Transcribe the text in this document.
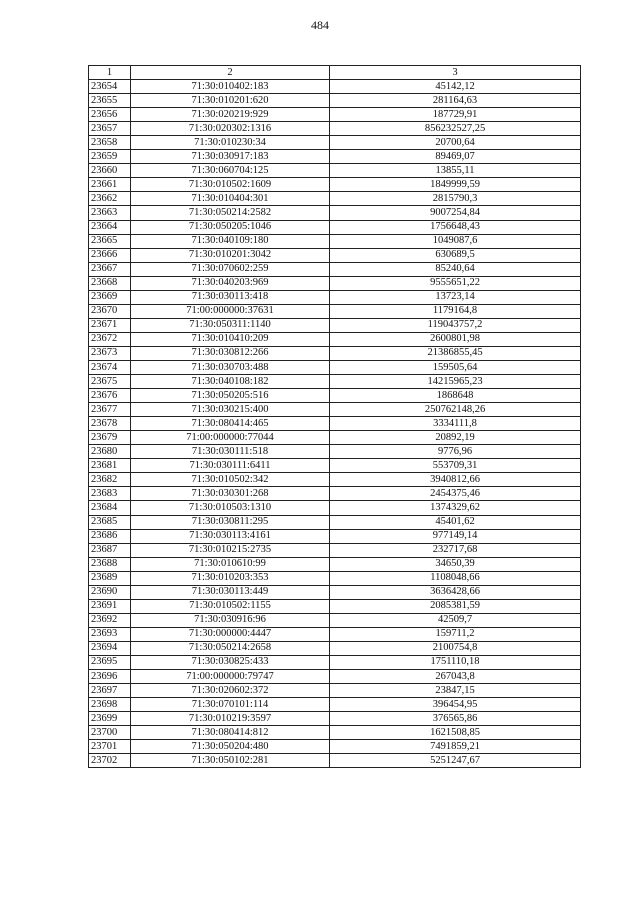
484
1	2	3
23654	71:30:010402:183	45142,12
23655	71:30:010201:620	281164,63
23656	71:30:020219:929	187729,91
23657	71:30:020302:1316	856232527,25
23658	71:30:010230:34	20700,64
23659	71:30:030917:183	89469,07
23660	71:30:060704:125	13855,11
23661	71:30:010502:1609	1849999,59
23662	71:30:010404:301	2815790,3
23663	71:30:050214:2582	9007254,84
23664	71:30:050205:1046	1756648,43
23665	71:30:040109:180	1049087,6
23666	71:30:010201:3042	630689,5
23667	71:30:070602:259	85240,64
23668	71:30:040203:969	9555651,22
23669	71:30:030113:418	13723,14
23670	71:00:000000:37631	1179164,8
23671	71:30:050311:1140	119043757,2
23672	71:30:010410:209	2600801,98
23673	71:30:030812:266	21386855,45
23674	71:30:030703:488	159505,64
23675	71:30:040108:182	14215965,23
23676	71:30:050205:516	1868648
23677	71:30:030215:400	250762148,26
23678	71:30:080414:465	3334111,8
23679	71:00:000000:77044	20892,19
23680	71:30:030111:518	9776,96
23681	71:30:030111:6411	553709,31
23682	71:30:010502:342	3940812,66
23683	71:30:030301:268	2454375,46
23684	71:30:010503:1310	1374329,62
23685	71:30:030811:295	45401,62
23686	71:30:030113:4161	977149,14
23687	71:30:010215:2735	232717,68
23688	71:30:010610:99	34650,39
23689	71:30:010203:353	1108048,66
23690	71:30:030113:449	3636428,66
23691	71:30:010502:1155	2085381,59
23692	71:30:030916:96	42509,7
23693	71:30:000000:4447	159711,2
23694	71:30:050214:2658	2100754,8
23695	71:30:030825:433	1751110,18
23696	71:00:000000:79747	267043,8
23697	71:30:020602:372	23847,15
23698	71:30:070101:114	396454,95
23699	71:30:010219:3597	376565,86
23700	71:30:080414:812	1621508,85
23701	71:30:050204:480	7491859,21
23702	71:30:050102:281	5251247,67
